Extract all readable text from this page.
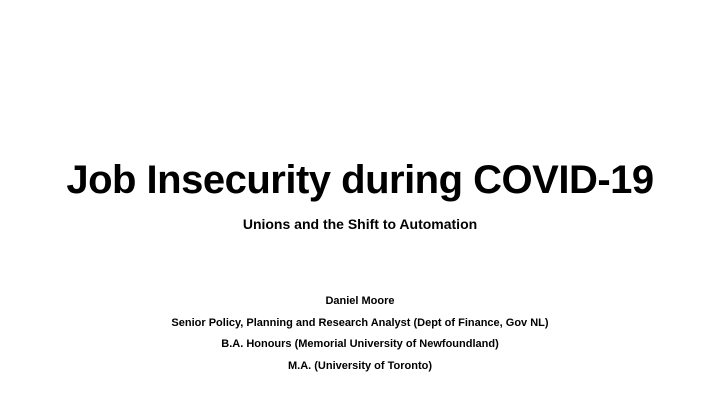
Job Insecurity during COVID-19
Unions and the Shift to Automation
Daniel Moore
Senior Policy, Planning and Research Analyst (Dept of Finance, Gov NL)
B.A. Honours (Memorial University of Newfoundland)
M.A. (University of Toronto)
